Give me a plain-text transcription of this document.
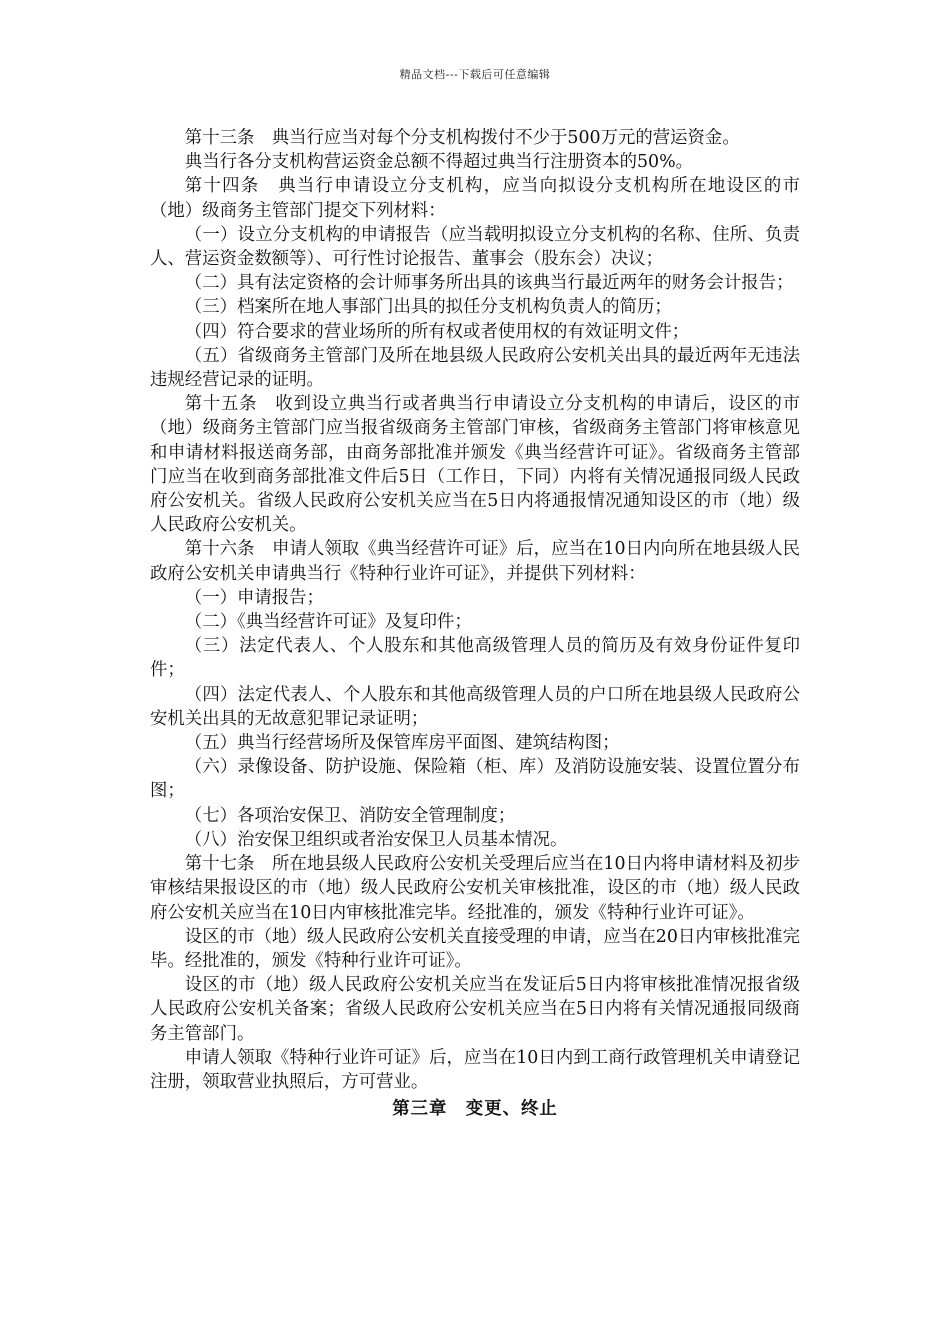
精品文档---下载后可任意编辑

第十三条　典当行应当对每个分支机构拨付不少于500万元的营运资金。

典当行各分支机构营运资金总额不得超过典当行注册资本的50%。

第十四条　典当行申请设立分支机构，应当向拟设分支机构所在地设区的市（地）级商务主管部门提交下列材料：

（一）设立分支机构的申请报告（应当载明拟设立分支机构的名称、住所、负责人、营运资金数额等）、可行性讨论报告、董事会（股东会）决议；

（二）具有法定资格的会计师事务所出具的该典当行最近两年的财务会计报告；

（三）档案所在地人事部门出具的拟任分支机构负责人的简历；

（四）符合要求的营业场所的所有权或者使用权的有效证明文件；

（五）省级商务主管部门及所在地县级人民政府公安机关出具的最近两年无违法违规经营记录的证明。

第十五条　收到设立典当行或者典当行申请设立分支机构的申请后，设区的市（地）级商务主管部门应当报省级商务主管部门审核，省级商务主管部门将审核意见和申请材料报送商务部，由商务部批准并颁发《典当经营许可证》。省级商务主管部门应当在收到商务部批准文件后5日（工作日，下同）内将有关情况通报同级人民政府公安机关。省级人民政府公安机关应当在5日内将通报情况通知设区的市（地）级人民政府公安机关。

第十六条　申请人领取《典当经营许可证》后，应当在10日内向所在地县级人民政府公安机关申请典当行《特种行业许可证》，并提供下列材料：

（一）申请报告；

（二）《典当经营许可证》及复印件；

（三）法定代表人、个人股东和其他高级管理人员的简历及有效身份证件复印件；

（四）法定代表人、个人股东和其他高级管理人员的户口所在地县级人民政府公安机关出具的无故意犯罪记录证明；

（五）典当行经营场所及保管库房平面图、建筑结构图；

（六）录像设备、防护设施、保险箱（柜、库）及消防设施安装、设置位置分布图；

（七）各项治安保卫、消防安全管理制度；

（八）治安保卫组织或者治安保卫人员基本情况。

第十七条　所在地县级人民政府公安机关受理后应当在10日内将申请材料及初步审核结果报设区的市（地）级人民政府公安机关审核批准，设区的市（地）级人民政府公安机关应当在10日内审核批准完毕。经批准的，颁发《特种行业许可证》。

设区的市（地）级人民政府公安机关直接受理的申请，应当在20日内审核批准完毕。经批准的，颁发《特种行业许可证》。

设区的市（地）级人民政府公安机关应当在发证后5日内将审核批准情况报省级人民政府公安机关备案；省级人民政府公安机关应当在5日内将有关情况通报同级商务主管部门。

申请人领取《特种行业许可证》后，应当在10日内到工商行政管理机关申请登记注册，领取营业执照后，方可营业。

第三章　变更、终止
